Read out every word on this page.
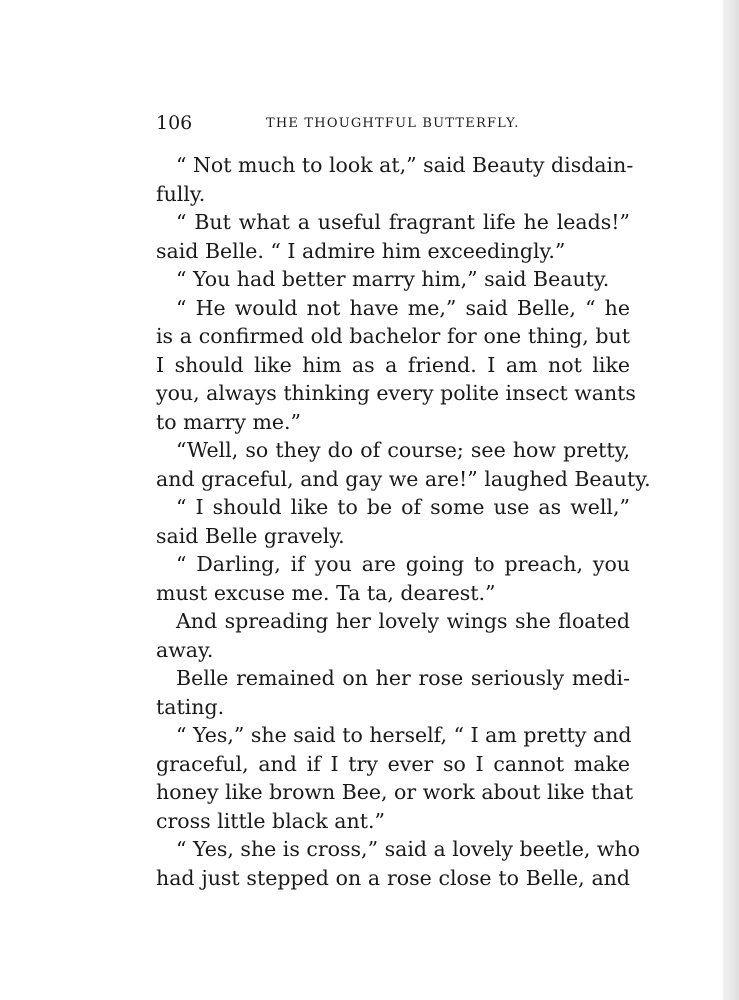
106	THE THOUGHTFUL BUTTERFLY.
“ Not much to look at,” said Beauty disdain-
fully.
“ But what a useful fragrant life he leads!”
said Belle. “ I admire him exceedingly.”
“ You had better marry him,” said Beauty.
“ He would not have me,” said Belle, “ he
is a confirmed old bachelor for one thing, but
I should like him as a friend. I am not like
you, always thinking every polite insect wants
to marry me.”
“Well, so they do of course; see how pretty,
and graceful, and gay we are!” laughed Beauty.
“ I should like to be of some use as well,”
said Belle gravely.
“ Darling, if you are going to preach, you
must excuse me. Ta ta, dearest.”
And spreading her lovely wings she floated
away.
Belle remained on her rose seriously medi-
tating.
“ Yes,” she said to herself, “ I am pretty and
graceful, and if I try ever so I cannot make
honey like brown Bee, or work about like that
cross little black ant.”
“ Yes, she is cross,” said a lovely beetle, who
had just stepped on a rose close to Belle, and
